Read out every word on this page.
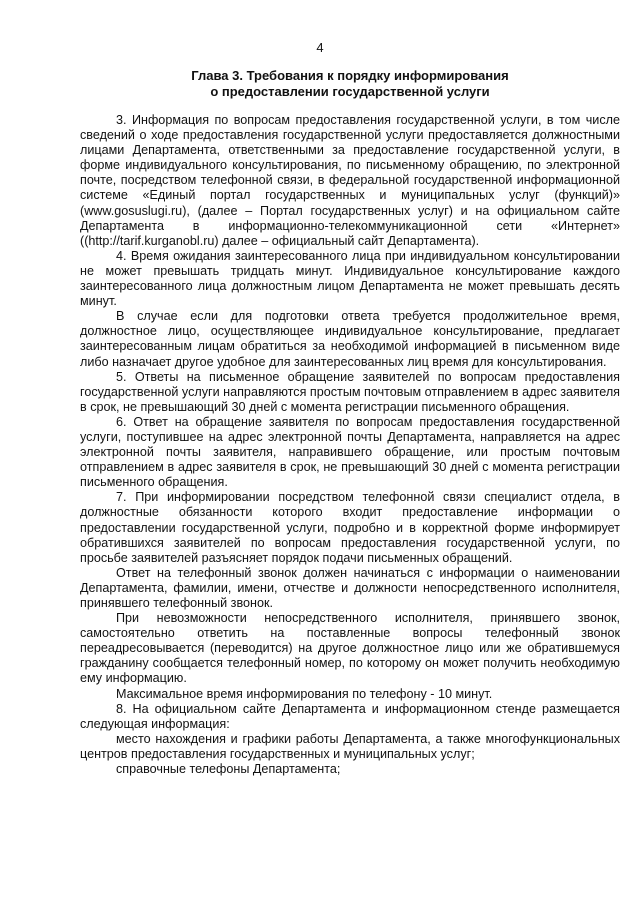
4
Глава 3. Требования к порядку информирования
о предоставлении государственной услуги

3. Информация по вопросам предоставления государственной услуги, в том числе сведений о ходе предоставления государственной услуги предоставляется должностными лицами Департамента, ответственными за предоставление государственной услуги, в форме индивидуального консультирования, по письменному обращению, по электронной почте, посредством телефонной связи, в федеральной государственной информационной системе «Единый портал государственных и муниципальных услуг (функций)» (www.gosuslugi.ru), (далее – Портал государственных услуг) и на официальном сайте Департамента в информационно-телекоммуникационной сети «Интернет» ((http://tarif.kurganobl.ru) далее – официальный сайт Департамента).

4. Время ожидания заинтересованного лица при индивидуальном консультировании не может превышать тридцать минут. Индивидуальное консультирование каждого заинтересованного лица должностным лицом Департамента не может превышать десять минут.

В случае если для подготовки ответа требуется продолжительное время, должностное лицо, осуществляющее индивидуальное консультирование, предлагает заинтересованным лицам обратиться за необходимой информацией в письменном виде либо назначает другое удобное для заинтересованных лиц время для консультирования.

5. Ответы на письменное обращение заявителей по вопросам предоставления государственной услуги направляются простым почтовым отправлением в адрес заявителя в срок, не превышающий 30 дней с момента регистрации письменного обращения.

6. Ответ на обращение заявителя по вопросам предоставления государственной услуги, поступившее на адрес электронной почты Департамента, направляется на адрес электронной почты заявителя, направившего обращение, или простым почтовым отправлением в адрес заявителя в срок, не превышающий 30 дней с момента регистрации письменного обращения.

7. При информировании посредством телефонной связи специалист отдела, в должностные обязанности которого входит предоставление информации о предоставлении государственной услуги, подробно и в корректной форме информирует обратившихся заявителей по вопросам предоставления государственной услуги, по просьбе заявителей разъясняет порядок подачи письменных обращений.

Ответ на телефонный звонок должен начинаться с информации о наименовании Департамента, фамилии, имени, отчестве и должности непосредственного исполнителя, принявшего телефонный звонок.

При невозможности непосредственного исполнителя, принявшего звонок, самостоятельно ответить на поставленные вопросы телефонный звонок переадресовывается (переводится) на другое должностное лицо или же обратившемуся гражданину сообщается телефонный номер, по которому он может получить необходимую ему информацию.

Максимальное время информирования по телефону - 10 минут.

8. На официальном сайте Департамента и информационном стенде размещается следующая информация:

место нахождения и графики работы Департамента, а также многофункциональных центров предоставления государственных и муниципальных услуг;

справочные телефоны Департамента;
